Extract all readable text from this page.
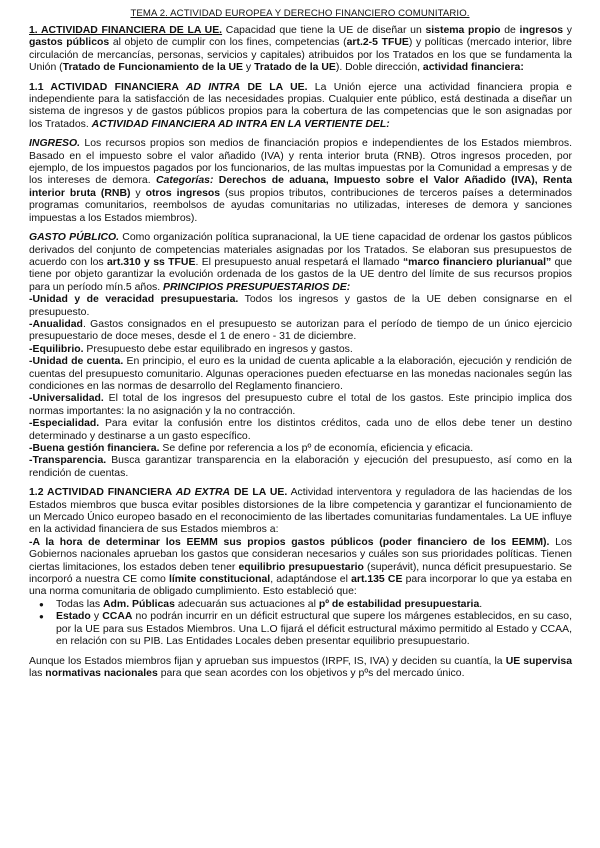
TEMA 2. ACTIVIDAD EUROPEA Y DERECHO FINANCIERO COMUNITARIO.

1. ACTIVIDAD FINANCIERA DE LA UE. Capacidad que tiene la UE de diseñar un sistema propio de ingresos y gastos públicos al objeto de cumplir con los fines, competencias (art.2-5 TFUE) y políticas (mercado interior, libre circulación de mercancías, personas, servicios y capitales) atribuidos por los Tratados en los que se fundamenta la Unión (Tratado de Funcionamiento de la UE y Tratado de la UE). Doble dirección, actividad financiera:

1.1 ACTIVIDAD FINANCIERA AD INTRA DE LA UE. La Unión ejerce una actividad financiera propia e independiente para la satisfacción de las necesidades propias. Cualquier ente público, está destinada a diseñar un sistema de ingresos y de gastos públicos propios para la cobertura de las competencias que le son asignadas por los Tratados. ACTIVIDAD FINANCIERA AD INTRA EN LA VERTIENTE DEL:

INGRESO. Los recursos propios son medios de financiación propios e independientes de los Estados miembros. Basado en el impuesto sobre el valor añadido (IVA) y renta interior bruta (RNB). Otros ingresos proceden, por ejemplo, de los impuestos pagados por los funcionarios, de las multas impuestas por la Comunidad a empresas y de los intereses de demora. Categorías: Derechos de aduana, Impuesto sobre el Valor Añadido (IVA), Renta interior bruta (RNB) y otros ingresos (sus propios tributos, contribuciones de terceros países a determinados programas comunitarios, reembolsos de ayudas comunitarias no utilizadas, intereses de demora y sanciones impuestas a los Estados miembros).

GASTO PÚBLICO. Como organización política supranacional, la UE tiene capacidad de ordenar los gastos públicos derivados del conjunto de competencias materiales asignadas por los Tratados. Se elaboran sus presupuestos de acuerdo con los art.310 y ss TFUE. El presupuesto anual respetará el llamado “marco financiero plurianual” que tiene por objeto garantizar la evolución ordenada de los gastos de la UE dentro del límite de sus recursos propios para un período mín.5 años. PRINCIPIOS PRESUPUESTARIOS DE:

-Unidad y de veracidad presupuestaria. Todos los ingresos y gastos de la UE deben consignarse en el presupuesto.

-Anualidad. Gastos consignados en el presupuesto se autorizan para el período de tiempo de un único ejercicio presupuestario de doce meses, desde el 1 de enero - 31 de diciembre.

-Equilibrio. Presupuesto debe estar equilibrado en ingresos y gastos.

-Unidad de cuenta. En principio, el euro es la unidad de cuenta aplicable a la elaboración, ejecución y rendición de cuentas del presupuesto comunitario. Algunas operaciones pueden efectuarse en las monedas nacionales según las condiciones en las normas de desarrollo del Reglamento financiero.

-Universalidad. El total de los ingresos del presupuesto cubre el total de los gastos. Este principio implica dos normas importantes: la no asignación y la no contracción.

-Especialidad. Para evitar la confusión entre los distintos créditos, cada uno de ellos debe tener un destino determinado y destinarse a un gasto específico.

-Buena gestión financiera. Se define por referencia a los pº de economía, eficiencia y eficacia.

-Transparencia. Busca garantizar transparencia en la elaboración y ejecución del presupuesto, así como en la rendición de cuentas.

1.2 ACTIVIDAD FINANCIERA AD EXTRA DE LA UE. Actividad interventora y reguladora de las haciendas de los Estados miembros que busca evitar posibles distorsiones de la libre competencia y garantizar el funcionamiento de un Mercado Único europeo basado en el reconocimiento de las libertades comunitarias fundamentales. La UE influye en la actividad financiera de sus Estados miembros a:

-A la hora de determinar los EEMM sus propios gastos públicos (poder financiero de los EEMM). Los Gobiernos nacionales aprueban los gastos que consideran necesarios y cuáles son sus prioridades políticas. Tienen ciertas limitaciones, los estados deben tener equilibrio presupuestario (superávit), nunca déficit presupuestario. Se incorporó a nuestra CE como límite constitucional, adaptándose el art.135 CE para incorporar lo que ya estaba en una norma comunitaria de obligado cumplimiento. Esto estableció que:

● Todas las Adm. Públicas adecuarán sus actuaciones al pº de estabilidad presupuestaria.
● Estado y CCAA no podrán incurrir en un déficit estructural que supere los márgenes establecidos, en su caso, por la UE para sus Estados Miembros. Una L.O fijará el déficit estructural máximo permitido al Estado y CCAA, en relación con su PIB. Las Entidades Locales deben presentar equilibrio presupuestario.

Aunque los Estados miembros fijan y aprueban sus impuestos (IRPF, IS, IVA) y deciden su cuantía, la UE supervisa las normativas nacionales para que sean acordes con los objetivos y pºs del mercado único.
